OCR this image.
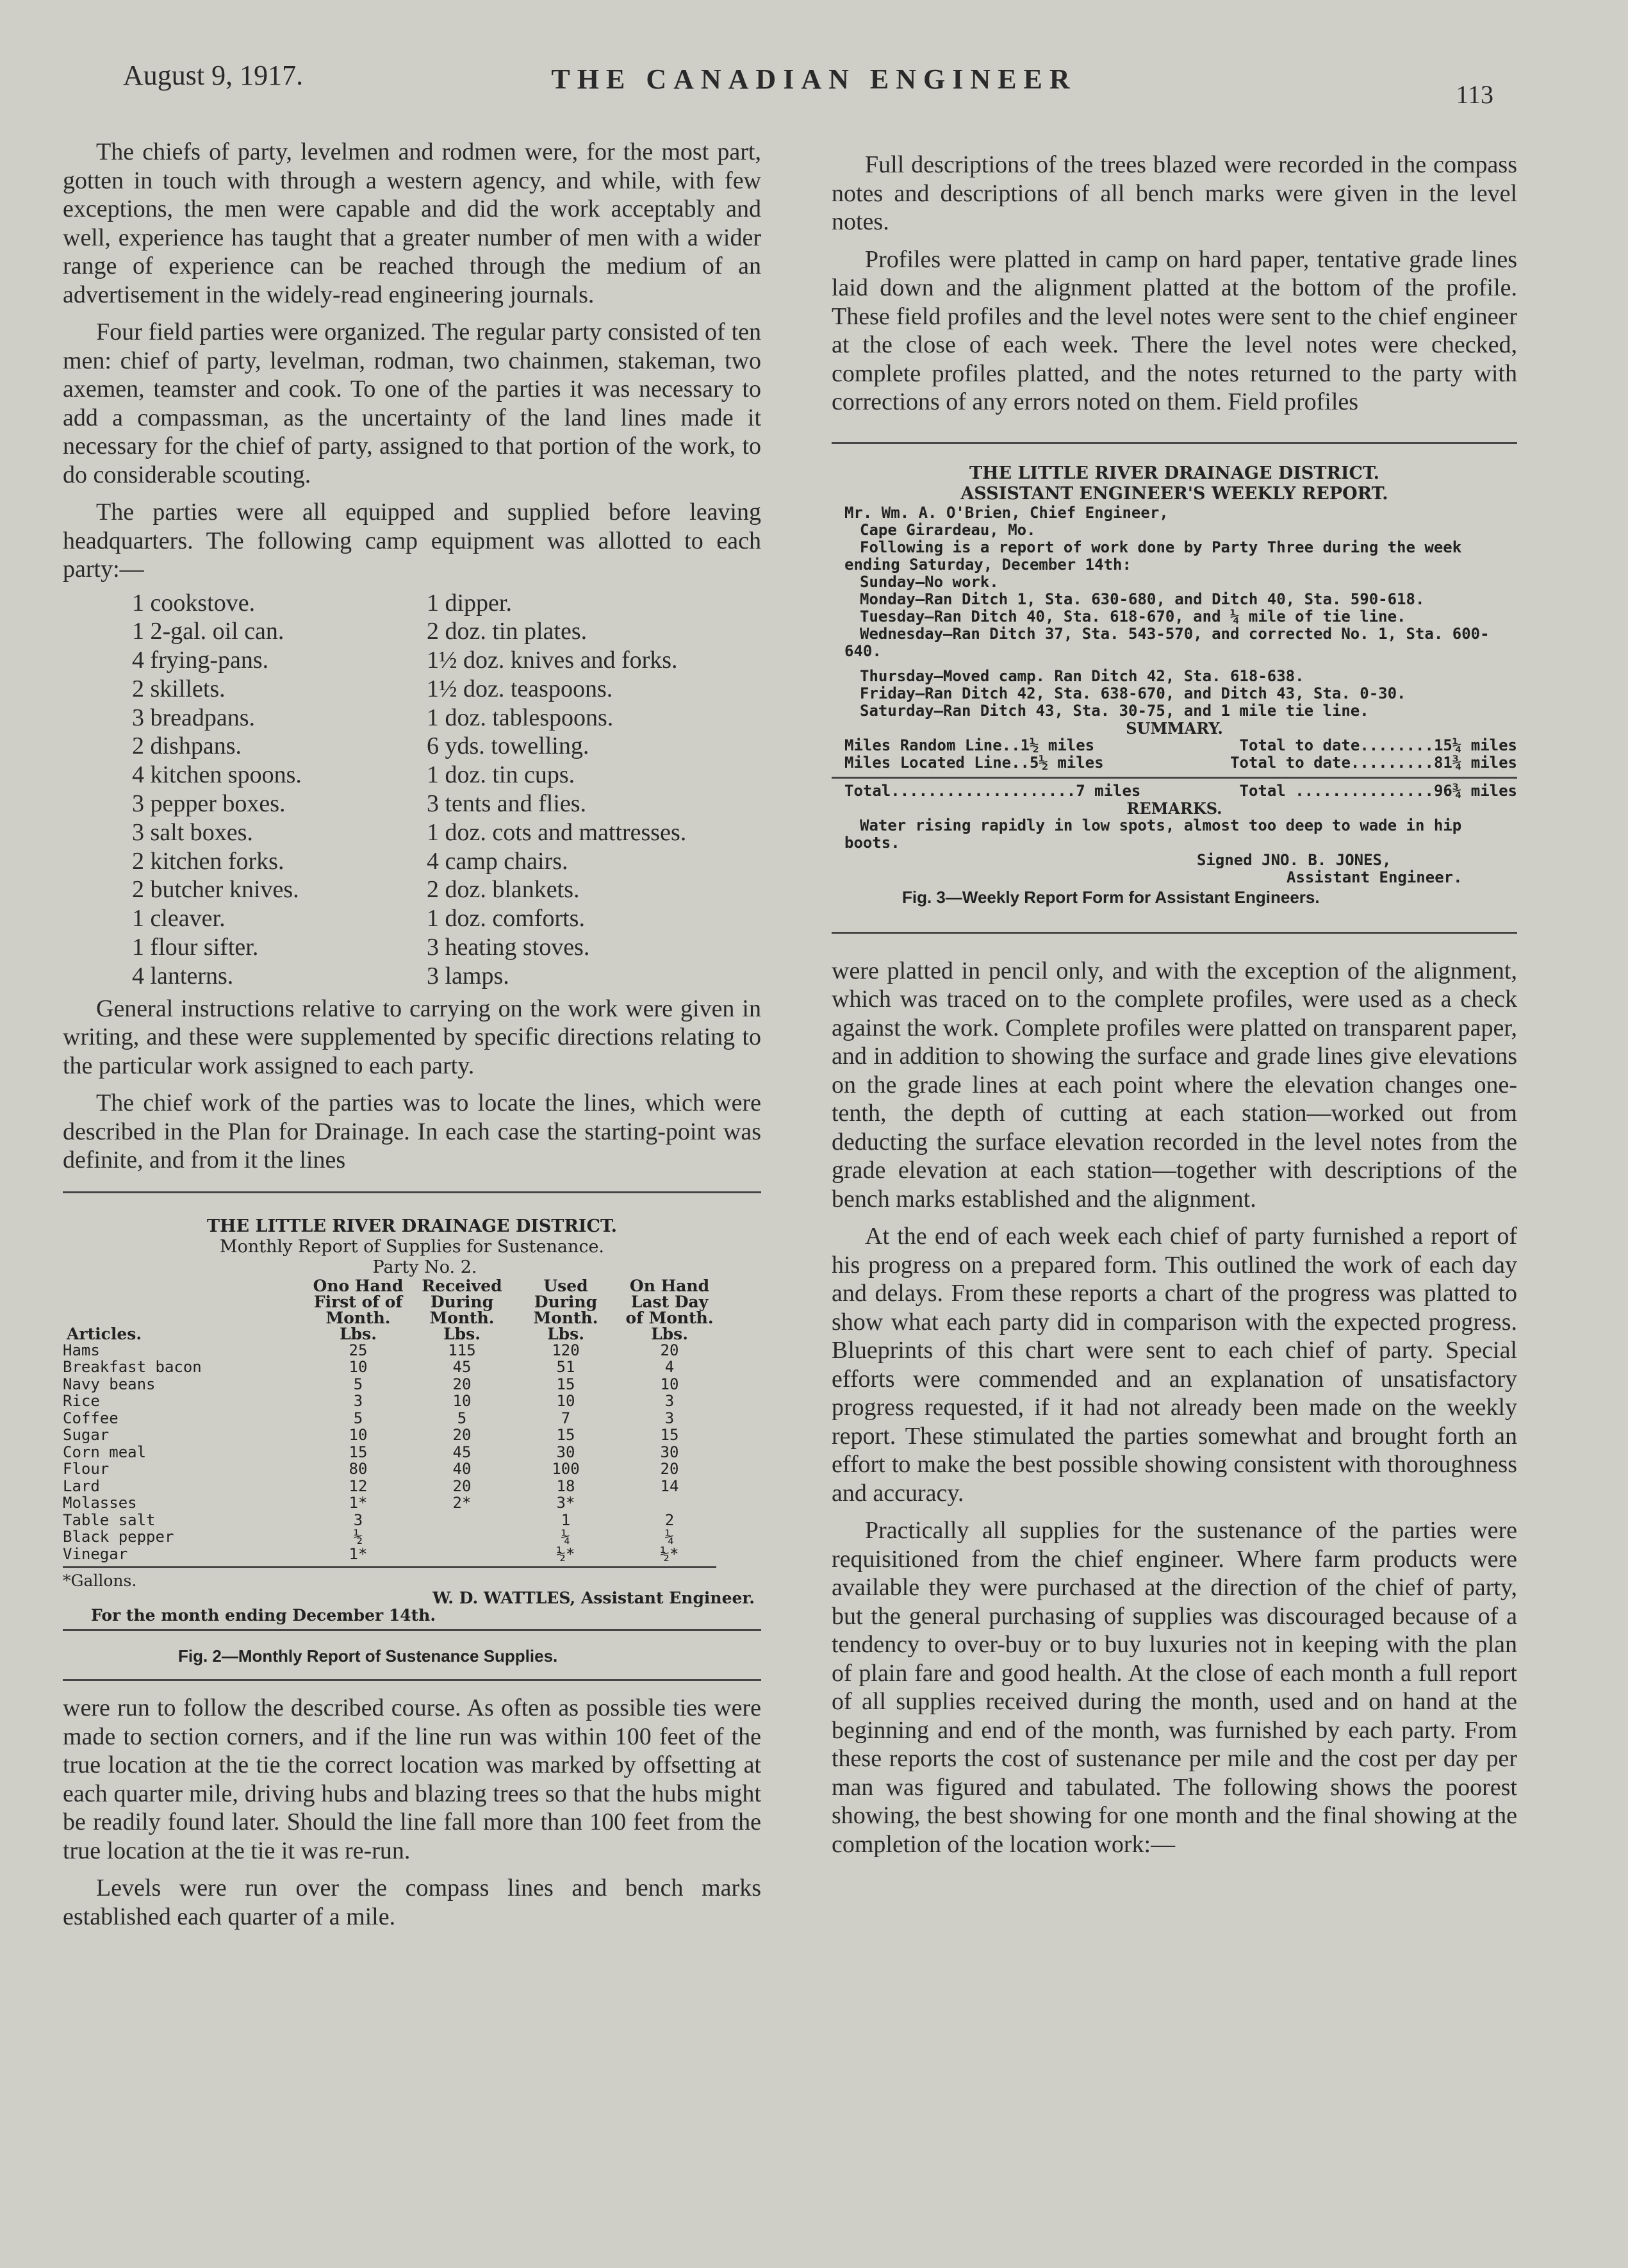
August 9, 1917.	THE CANADIAN ENGINEER	113

The chiefs of party, levelmen and rodmen were, for the most part, gotten in touch with through a western agency, and while, with few exceptions, the men were capable and did the work acceptably and well, experience has taught that a greater number of men with a wider range of experience can be reached through the medium of an advertisement in the widely-read engineering journals.

Four field parties were organized. The regular party consisted of ten men: chief of party, levelman, rodman, two chainmen, stakeman, two axemen, teamster and cook. To one of the parties it was necessary to add a compassman, as the uncertainty of the land lines made it necessary for the chief of party, assigned to that portion of the work, to do considerable scouting.

The parties were all equipped and supplied before leaving headquarters. The following camp equipment was allotted to each party:—

1 cookstove.	1 dipper.
1 2-gal. oil can.	2 doz. tin plates.
4 frying-pans.	1½ doz. knives and forks.
2 skillets.	1½ doz. teaspoons.
3 breadpans.	1 doz. tablespoons.
2 dishpans.	6 yds. towelling.
4 kitchen spoons.	1 doz. tin cups.
3 pepper boxes.	3 tents and flies.
3 salt boxes.	1 doz. cots and mattresses.
2 kitchen forks.	4 camp chairs.
2 butcher knives.	2 doz. blankets.
1 cleaver.	1 doz. comforts.
1 flour sifter.	3 heating stoves.
4 lanterns.	3 lamps.

General instructions relative to carrying on the work were given in writing, and these were supplemented by specific directions relating to the particular work assigned to each party.

The chief work of the parties was to locate the lines, which were described in the Plan for Drainage. In each case the starting-point was definite, and from it the lines

THE LITTLE RIVER DRAINAGE DISTRICT.
Monthly Report of Supplies for Sustenance.
Party No. 2.
Articles.	Ono Hand First of of Month. Lbs.	Received During Month. Lbs.	Used During Month. Lbs.	On Hand Last Day of Month. Lbs.
Hams	25	115	120	20
Breakfast bacon	10	45	51	4
Navy beans	5	20	15	10
Rice	3	10	10	3
Coffee	5	5	7	3
Sugar	10	20	15	15
Corn meal	15	45	30	30
Flour	80	40	100	20
Lard	12	20	18	14
Molasses	1*	2*	3*	
Table salt	3		1	2
Black pepper	½		¼	¼
Vinegar	1*		½*	½*
*Gallons.
W. D. WATTLES, Assistant Engineer.
For the month ending December 14th.
Fig. 2—Monthly Report of Sustenance Supplies.

were run to follow the described course. As often as possible ties were made to section corners, and if the line run was within 100 feet of the true location at the tie the correct location was marked by offsetting at each quarter mile, driving hubs and blazing trees so that the hubs might be readily found later. Should the line fall more than 100 feet from the true location at the tie it was re-run.

Levels were run over the compass lines and bench marks established each quarter of a mile.

Full descriptions of the trees blazed were recorded in the compass notes and descriptions of all bench marks were given in the level notes.

Profiles were platted in camp on hard paper, tentative grade lines laid down and the alignment platted at the bottom of the profile. These field profiles and the level notes were sent to the chief engineer at the close of each week. There the level notes were checked, complete profiles platted, and the notes returned to the party with corrections of any errors noted on them. Field profiles

THE LITTLE RIVER DRAINAGE DISTRICT.
ASSISTANT ENGINEER'S WEEKLY REPORT.
Mr. Wm. A. O'Brien, Chief Engineer,
Cape Girardeau, Mo.
Following is a report of work done by Party Three during the week ending Saturday, December 14th:
Sunday—No work.
Monday—Ran Ditch 1, Sta. 630-680, and Ditch 40, Sta. 590-618.
Tuesday—Ran Ditch 40, Sta. 618-670, and ¼ mile of tie line.
Wednesday—Ran Ditch 37, Sta. 543-570, and corrected No. 1, Sta. 600-640.
Thursday—Moved camp. Ran Ditch 42, Sta. 618-638.
Friday—Ran Ditch 42, Sta. 638-670, and Ditch 43, Sta. 0-30.
Saturday—Ran Ditch 43, Sta. 30-75, and 1 mile tie line.
SUMMARY.
Miles Random Line..1½ miles	Total to date........15¼ miles
Miles Located Line..5½ miles	Total to date.........81¾ miles
Total....................7 miles	Total ...............96¾ miles
REMARKS.
Water rising rapidly in low spots, almost too deep to wade in hip boots.
Signed JNO. B. JONES,
Assistant Engineer.
Fig. 3—Weekly Report Form for Assistant Engineers.

were platted in pencil only, and with the exception of the alignment, which was traced on to the complete profiles, were used as a check against the work. Complete profiles were platted on transparent paper, and in addition to showing the surface and grade lines give elevations on the grade lines at each point where the elevation changes one-tenth, the depth of cutting at each station—worked out from deducting the surface elevation recorded in the level notes from the grade elevation at each station—together with descriptions of the bench marks established and the alignment.

At the end of each week each chief of party furnished a report of his progress on a prepared form. This outlined the work of each day and delays. From these reports a chart of the progress was platted to show what each party did in comparison with the expected progress. Blueprints of this chart were sent to each chief of party. Special efforts were commended and an explanation of unsatisfactory progress requested, if it had not already been made on the weekly report. These stimulated the parties somewhat and brought forth an effort to make the best possible showing consistent with thoroughness and accuracy.

Practically all supplies for the sustenance of the parties were requisitioned from the chief engineer. Where farm products were available they were purchased at the direction of the chief of party, but the general purchasing of supplies was discouraged because of a tendency to over-buy or to buy luxuries not in keeping with the plan of plain fare and good health. At the close of each month a full report of all supplies received during the month, used and on hand at the beginning and end of the month, was furnished by each party. From these reports the cost of sustenance per mile and the cost per day per man was figured and tabulated. The following shows the poorest showing, the best showing for one month and the final showing at the completion of the location work:—
